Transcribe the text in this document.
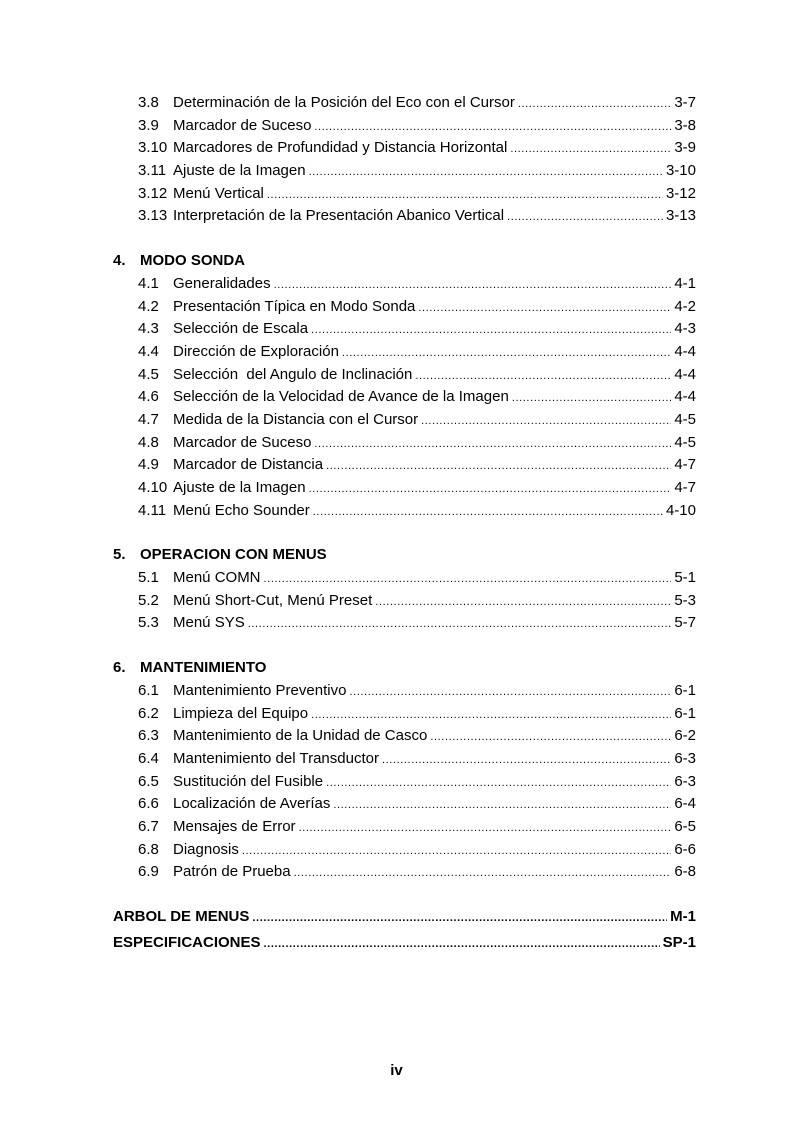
3.8 Determinación de la Posición del Eco con el Cursor .....	3-7
3.9 Marcador de Suceso .....	3-8
3.10 Marcadores de Profundidad y Distancia Horizontal .....	3-9
3.11 Ajuste de la Imagen .....	3-10
3.12 Menú Vertical .....	3-12
3.13 Interpretación de la Presentación Abanico Vertical .....	3-13
4. MODO SONDA
4.1 Generalidades .....	4-1
4.2 Presentación Típica en Modo Sonda .....	4-2
4.3 Selección de Escala .....	4-3
4.4 Dirección de Exploración .....	4-4
4.5 Selección  del Angulo de Inclinación .....	4-4
4.6 Selección de la Velocidad de Avance de la Imagen .....	4-4
4.7 Medida de la Distancia con el Cursor .....	4-5
4.8 Marcador de Suceso .....	4-5
4.9 Marcador de Distancia .....	4-7
4.10 Ajuste de la Imagen .....	4-7
4.11 Menú Echo Sounder .....	4-10
5. OPERACION CON MENUS
5.1 Menú COMN .....	5-1
5.2 Menú Short-Cut, Menú Preset .....	5-3
5.3 Menú SYS .....	5-7
6. MANTENIMIENTO
6.1 Mantenimiento Preventivo .....	6-1
6.2 Limpieza del Equipo .....	6-1
6.3 Mantenimiento de la Unidad de Casco .....	6-2
6.4 Mantenimiento del Transductor .....	6-3
6.5 Sustitución del Fusible .....	6-3
6.6 Localización de Averías .....	6-4
6.7 Mensajes de Error .....	6-5
6.8 Diagnosis .....	6-6
6.9 Patrón de Prueba .....	6-8
ARBOL DE MENUS .....	M-1
ESPECIFICACIONES .....	SP-1
iv
